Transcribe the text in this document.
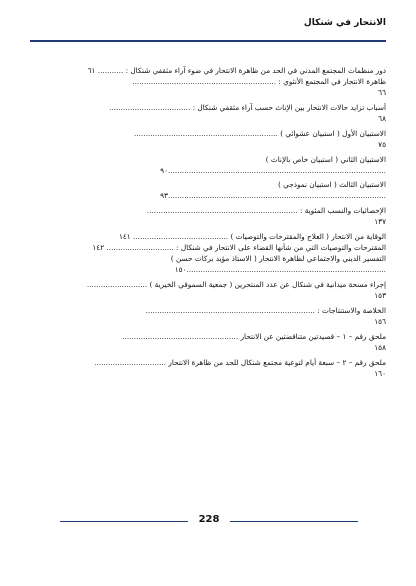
الانتحار في شنكال
دور منظمات المجتمع المدني في الحد من ظاهرة الانتحار في ضوء آراء مثقفي شنكال : ........... ٦١
ظاهرة الانتحار في المجتمع الأنثوي : ..............................................................
٦٦
أسباب تزايد حالات الانتحار بين الإناث حسب آراء مثقفي شنكال : ...................................
٦٨
الاستبيان الأول ( استبيان عشوائي ) ..............................................................
٧٥
الاستبيان الثاني ( استبيان خاص بالإناث )
..............................................................................................٩٠
الاستبيان الثالث ( استبيان نموذجي )
..............................................................................................٩٣
الإحصائيات والنسب المئوية : .................................................................
١٣٧
الوقاية من الانتحار ( العلاج والمقترحات والتوصيات ) ......................................... ١٤١
المقترحات والتوصيات التي من شأنها القضاء على الانتحار في شنكال : ............................. ١٤٢
التفسير الديني والاجتماعي لظاهرة الانتحار ( الاستاذ مؤيد بركات حسن )
......................................................................................١٥٠
إجراء مسحة ميدانية في شنكال عن عدد المنتحرين ( جمعية السموقي الخيرية ) ..........................
١٥٣
الخلاصة والاستنتاجات : .........................................................................
١٥٦
ملحق رقم – ١ – قصيدتين متناقضتين عن الانتحار ..................................................
١٥٨
ملحق رقم – ٢ – سبعة أيام لتوعية مجتمع شنكال للحد من ظاهرة الانتحار ...............................
١٦٠
228
